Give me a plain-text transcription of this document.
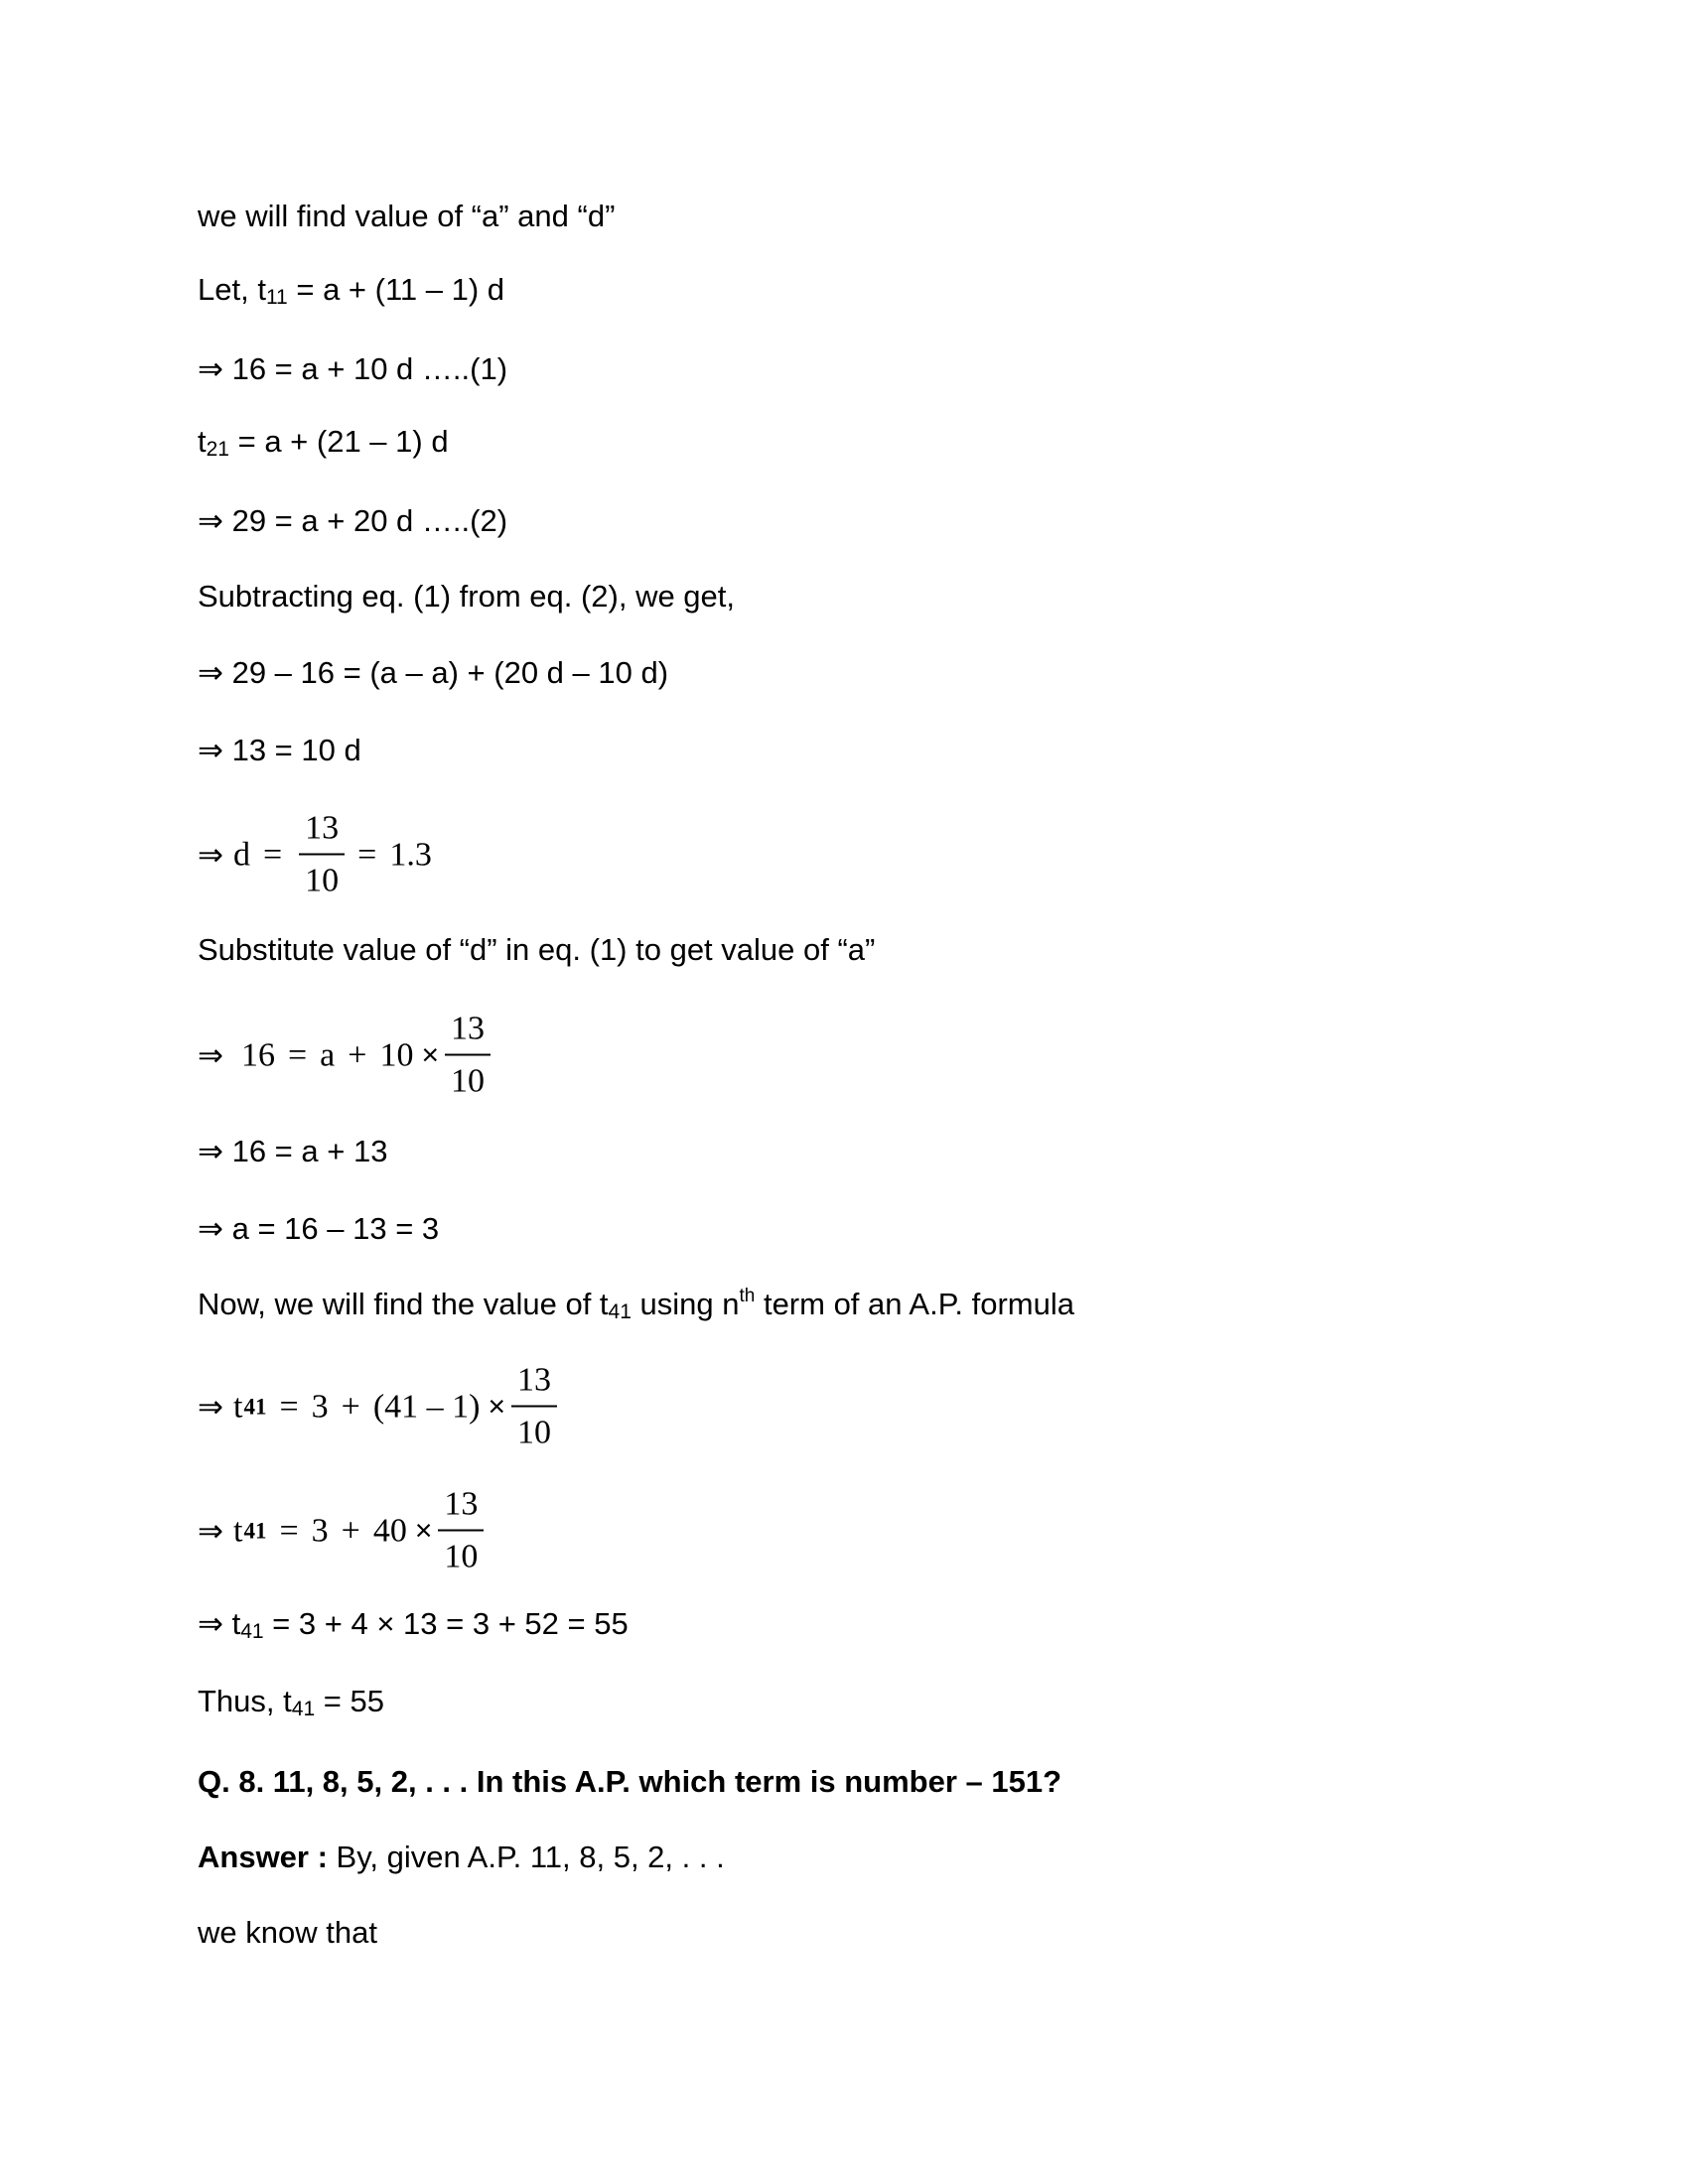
we will find value of “a” and “d”
Let, t11 = a + (11 – 1) d
⇒ 16 = a + 10 d …..(1)
t21 = a + (21 – 1) d
⇒ 29 = a + 20 d …..(2)
Subtracting eq. (1) from eq. (2), we get,
⇒ 29 – 16 = (a – a) + (20 d – 10 d)
⇒ 13 = 10 d
⇒ $d = \frac{13}{10} = 1.3$
Substitute value of “d” in eq. (1) to get value of “a”
⇒ $16 = a + 10 \times \frac{13}{10}$
⇒ 16 = a + 13
⇒ a = 16 – 13 = 3
Now, we will find the value of t41 using $n^{th}$ term of an A.P. formula
⇒ t $41 = 3 + (41 - 1) \times \frac{13}{10}$
⇒ t $41 = 3 + 40 \times \frac{13}{10}$
⇒ t41 = 3 + 4 × 13 = 3 + 52 = 55
Thus, t41 = 55
Q. 8. 11, 8, 5, 2, . . . In this A.P. which term is number – 151?
Answer : By, given A.P. 11, 8, 5, 2, . . .
we know that
